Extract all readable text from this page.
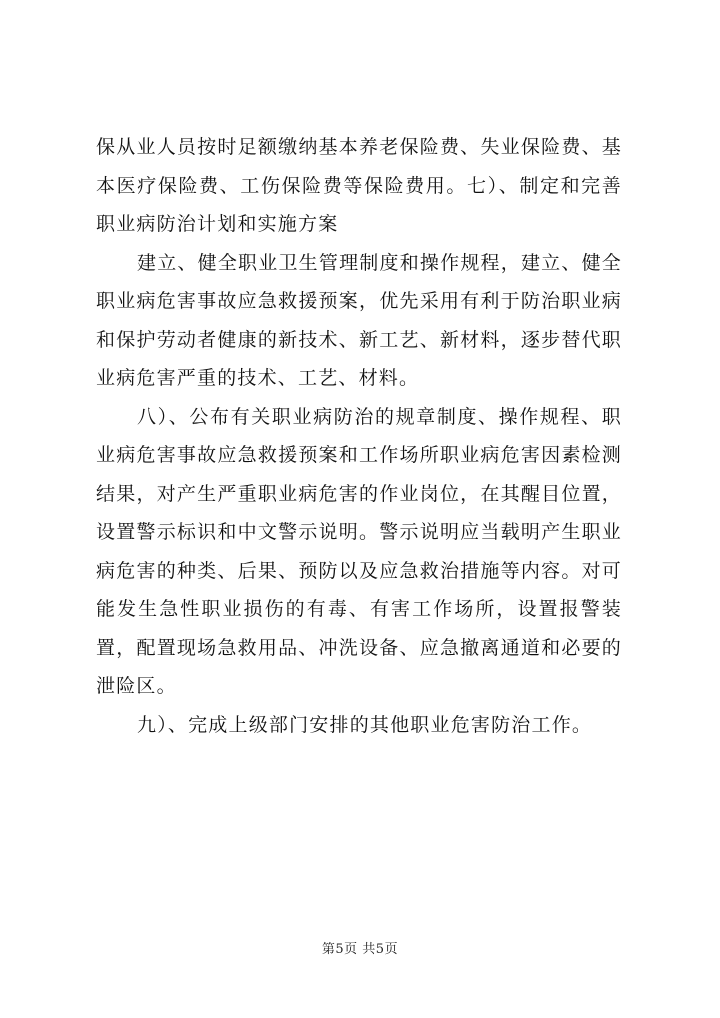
保从业人员按时足额缴纳基本养老保险费、失业保险费、基本医疗保险费、工伤保险费等保险费用。七）、制定和完善职业病防治计划和实施方案

建立、健全职业卫生管理制度和操作规程，建立、健全职业病危害事故应急救援预案，优先采用有利于防治职业病和保护劳动者健康的新技术、新工艺、新材料，逐步替代职业病危害严重的技术、工艺、材料。

八）、公布有关职业病防治的规章制度、操作规程、职业病危害事故应急救援预案和工作场所职业病危害因素检测结果，对产生严重职业病危害的作业岗位，在其醒目位置，设置警示标识和中文警示说明。警示说明应当载明产生职业病危害的种类、后果、预防以及应急救治措施等内容。对可能发生急性职业损伤的有毒、有害工作场所，设置报警装置，配置现场急救用品、冲洗设备、应急撤离通道和必要的泄险区。

九）、完成上级部门安排的其他职业危害防治工作。

第5页 共5页
